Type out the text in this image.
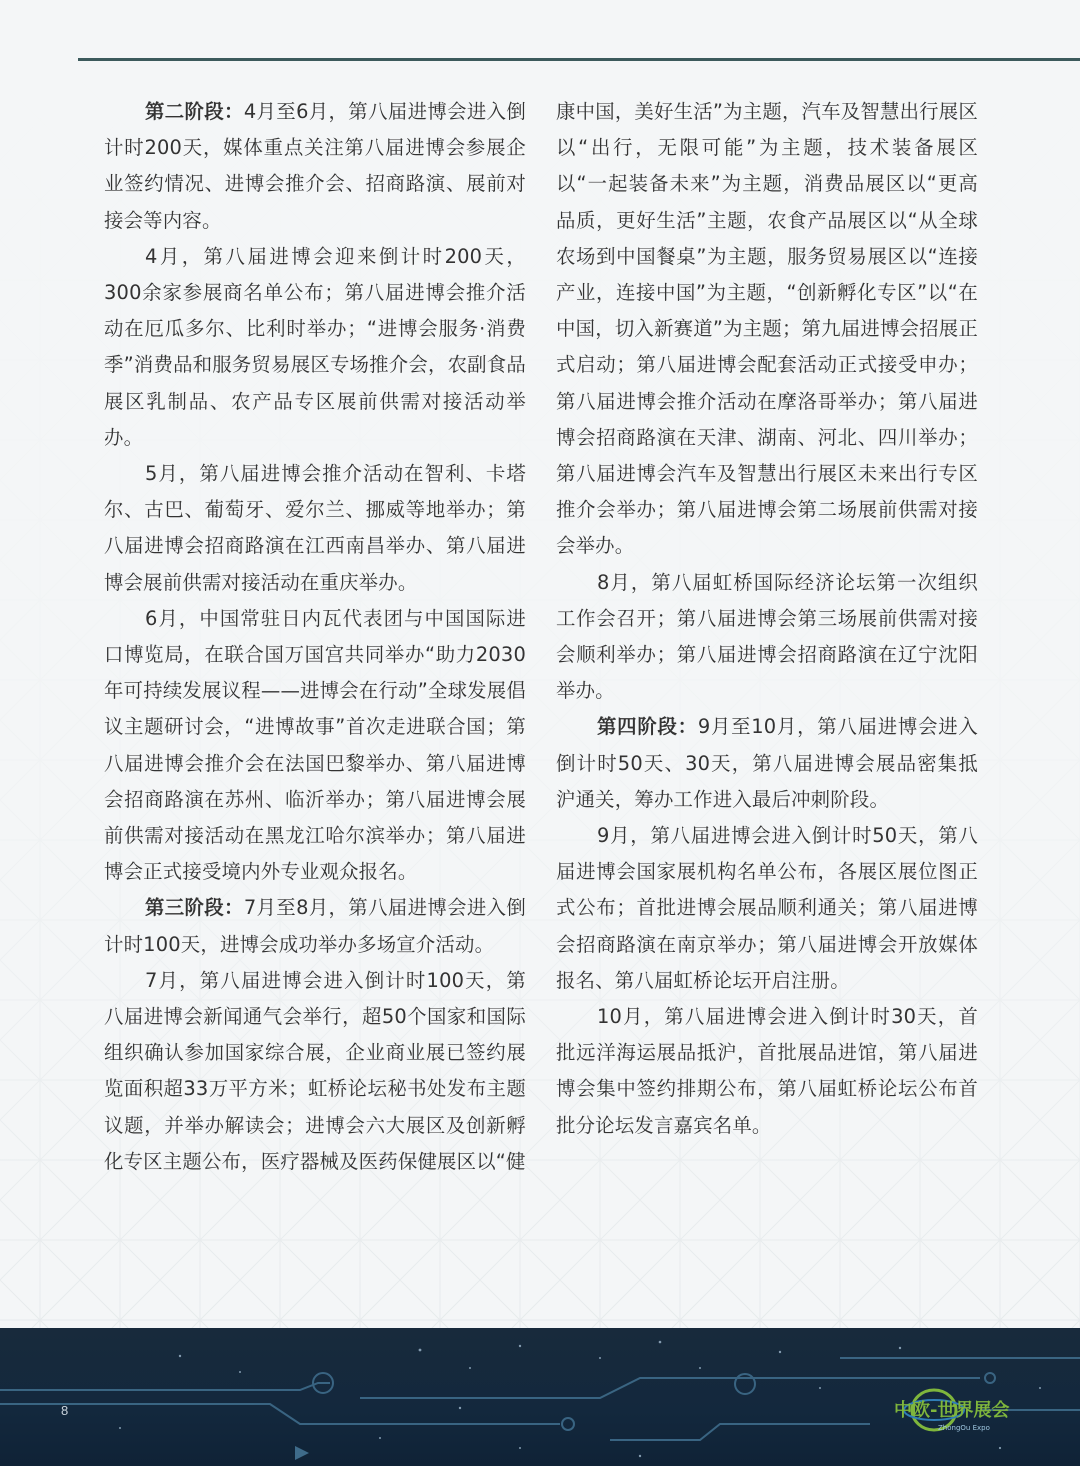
第二阶段：4月至6月，第八届进博会进入倒计时200天，媒体重点关注第八届进博会参展企业签约情况、进博会推介会、招商路演、展前对接会等内容。

4月，第八届进博会迎来倒计时200天，300余家参展商名单公布；第八届进博会推介活动在厄瓜多尔、比利时举办；“进博会服务·消费季”消费品和服务贸易展区专场推介会，农副食品展区乳制品、农产品专区展前供需对接活动举办。

5月，第八届进博会推介活动在智利、卡塔尔、古巴、葡萄牙、爱尔兰、挪威等地举办；第八届进博会招商路演在江西南昌举办、第八届进博会展前供需对接活动在重庆举办。

6月，中国常驻日内瓦代表团与中国国际进口博览局，在联合国万国宫共同举办“助力2030年可持续发展议程——进博会在行动”全球发展倡议主题研讨会，“进博故事”首次走进联合国；第八届进博会推介会在法国巴黎举办、第八届进博会招商路演在苏州、临沂举办；第八届进博会展前供需对接活动在黑龙江哈尔滨举办；第八届进博会正式接受境内外专业观众报名。

第三阶段：7月至8月，第八届进博会进入倒计时100天，进博会成功举办多场宣介活动。

7月，第八届进博会进入倒计时100天，第八届进博会新闻通气会举行，超50个国家和国际组织确认参加国家综合展，企业商业展已签约展览面积超33万平方米；虹桥论坛秘书处发布主题议题，并举办解读会；进博会六大展区及创新孵化专区主题公布，医疗器械及医药保健展区以“健

康中国，美好生活”为主题，汽车及智慧出行展区以“出行，无限可能”为主题，技术装备展区以“一起装备未来”为主题，消费品展区以“更高品质，更好生活”主题，农食产品展区以“从全球农场到中国餐桌”为主题，服务贸易展区以“连接产业，连接中国”为主题，“创新孵化专区”以“在中国，切入新赛道”为主题；第九届进博会招展正式启动；第八届进博会配套活动正式接受申办；第八届进博会推介活动在摩洛哥举办；第八届进博会招商路演在天津、湖南、河北、四川举办；第八届进博会汽车及智慧出行展区未来出行专区推介会举办；第八届进博会第二场展前供需对接会举办。

8月，第八届虹桥国际经济论坛第一次组织工作会召开；第八届进博会第三场展前供需对接会顺利举办；第八届进博会招商路演在辽宁沈阳举办。

第四阶段：9月至10月，第八届进博会进入倒计时50天、30天，第八届进博会展品密集抵沪通关，筹办工作进入最后冲刺阶段。

9月，第八届进博会进入倒计时50天，第八届进博会国家展机构名单公布，各展区展位图正式公布；首批进博会展品顺利通关；第八届进博会招商路演在南京举办；第八届进博会开放媒体报名、第八届虹桥论坛开启注册。

10月，第八届进博会进入倒计时30天，首批远洋海运展品抵沪，首批展品进馆，第八届进博会集中签约排期公布，第八届虹桥论坛公布首批分论坛发言嘉宾名单。

8	中欧-世界展会
ZhongOu Expo
